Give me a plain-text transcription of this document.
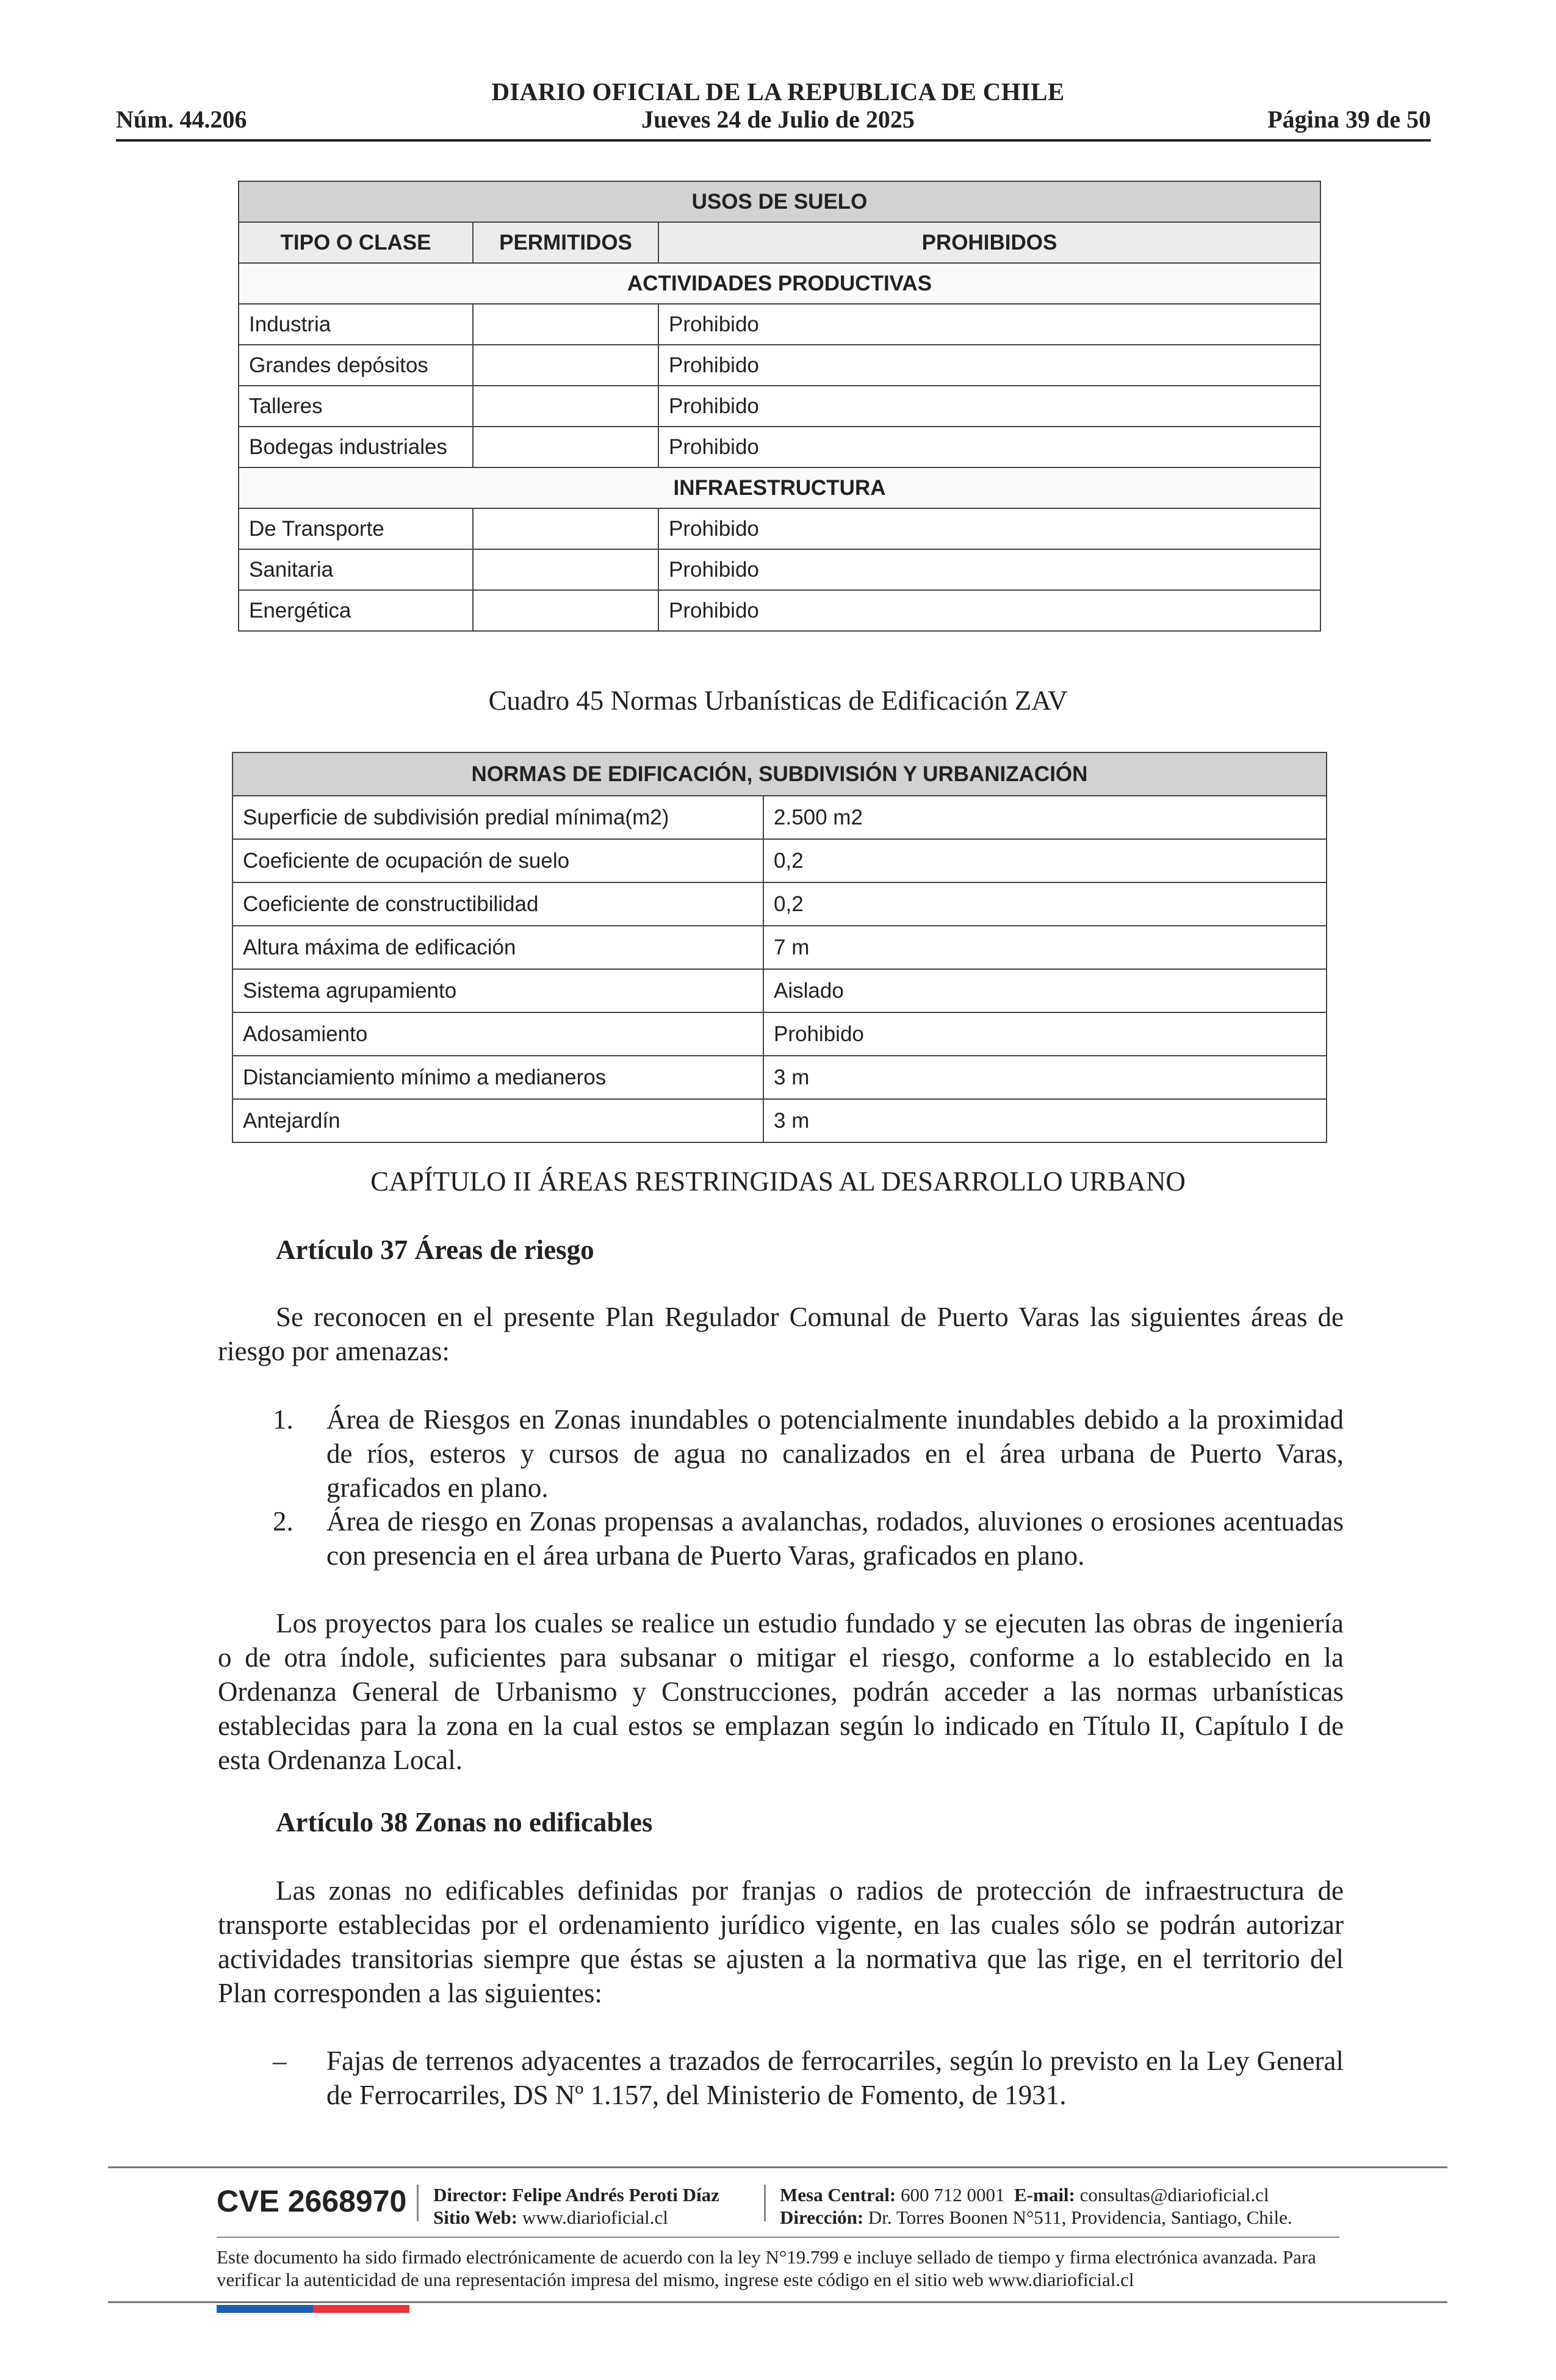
DIARIO OFICIAL DE LA REPUBLICA DE CHILE
Núm. 44.206	Jueves 24 de Julio de 2025	Página 39 de 50
USOS DE SUELO		
TIPO O CLASE	PERMITIDOS	PROHIBIDOS
ACTIVIDADES PRODUCTIVAS		
Industria		Prohibido
Grandes depósitos		Prohibido
Talleres		Prohibido
Bodegas industriales		Prohibido
INFRAESTRUCTURA		
De Transporte		Prohibido
Sanitaria		Prohibido
Energética		Prohibido
Cuadro 45 Normas Urbanísticas de Edificación ZAV
NORMAS DE EDIFICACIÓN, SUBDIVISIÓN Y URBANIZACIÓN	
Superficie de subdivisión predial mínima(m2)	2.500 m2
Coeficiente de ocupación de suelo	0,2
Coeficiente de constructibilidad	0,2
Altura máxima de edificación	7 m
Sistema agrupamiento	Aislado
Adosamiento	Prohibido
Distanciamiento mínimo a medianeros	3 m
Antejardín	3 m
CAPÍTULO II ÁREAS RESTRINGIDAS AL DESARROLLO URBANO
Artículo 37 Áreas de riesgo
Se reconocen en el presente Plan Regulador Comunal de Puerto Varas las siguientes áreas de riesgo por amenazas:
1. Área de Riesgos en Zonas inundables o potencialmente inundables debido a la proximidad de ríos, esteros y cursos de agua no canalizados en el área urbana de Puerto Varas, graficados en plano.
2. Área de riesgo en Zonas propensas a avalanchas, rodados, aluviones o erosiones acentuadas con presencia en el área urbana de Puerto Varas, graficados en plano.
Los proyectos para los cuales se realice un estudio fundado y se ejecuten las obras de ingeniería o de otra índole, suficientes para subsanar o mitigar el riesgo, conforme a lo establecido en la Ordenanza General de Urbanismo y Construcciones, podrán acceder a las normas urbanísticas establecidas para la zona en la cual estos se emplazan según lo indicado en Título II, Capítulo I de esta Ordenanza Local.
Artículo 38 Zonas no edificables
Las zonas no edificables definidas por franjas o radios de protección de infraestructura de transporte establecidas por el ordenamiento jurídico vigente, en las cuales sólo se podrán autorizar actividades transitorias siempre que éstas se ajusten a la normativa que las rige, en el territorio del Plan corresponden a las siguientes:
– Fajas de terrenos adyacentes a trazados de ferrocarriles, según lo previsto en la Ley General de Ferrocarriles, DS Nº 1.157, del Ministerio de Fomento, de 1931.
CVE 2668970 Director: Felipe Andrés Peroti Díaz
Sitio Web: www.diarioficial.cl
Mesa Central: 600 712 0001 E-mail: consultas@diarioficial.cl
Dirección: Dr. Torres Boonen N°511, Providencia, Santiago, Chile.
Este documento ha sido firmado electrónicamente de acuerdo con la ley N°19.799 e incluye sellado de tiempo y firma electrónica avanzada. Para verificar la autenticidad de una representación impresa del mismo, ingrese este código en el sitio web www.diarioficial.cl
